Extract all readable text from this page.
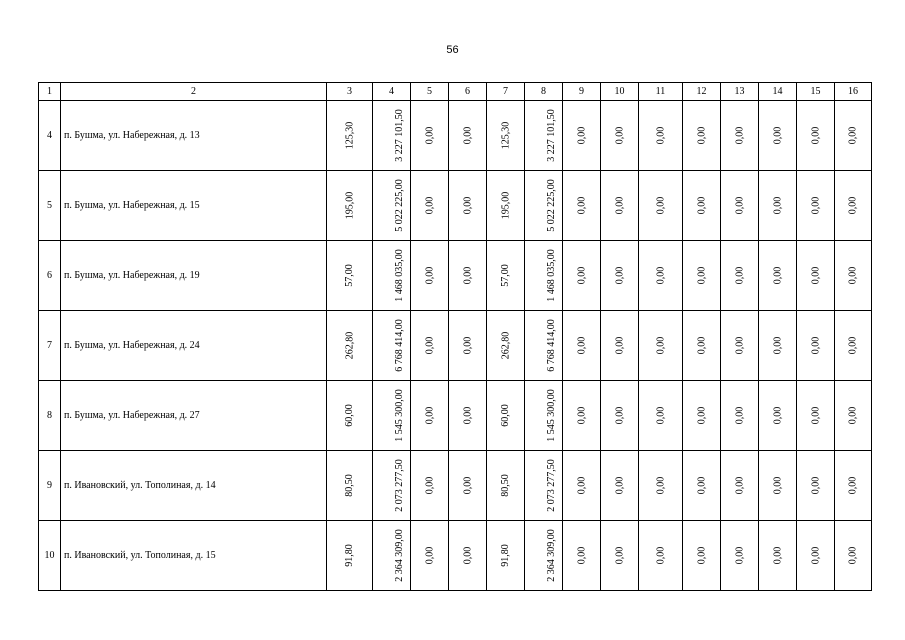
56
1	2	3	4	5	6	7	8	9	10	11	12	13	14	15	16
4	п. Бушма, ул. Набережная, д. 13	125,30	3 227 101,50	0,00	0,00	125,30	3 227 101,50	0,00	0,00	0,00	0,00	0,00	0,00	0,00	0,00
5	п. Бушма, ул. Набережная, д. 15	195,00	5 022 225,00	0,00	0,00	195,00	5 022 225,00	0,00	0,00	0,00	0,00	0,00	0,00	0,00	0,00
6	п. Бушма, ул. Набережная, д. 19	57,00	1 468 035,00	0,00	0,00	57,00	1 468 035,00	0,00	0,00	0,00	0,00	0,00	0,00	0,00	0,00
7	п. Бушма, ул. Набережная, д. 24	262,80	6 768 414,00	0,00	0,00	262,80	6 768 414,00	0,00	0,00	0,00	0,00	0,00	0,00	0,00	0,00
8	п. Бушма, ул. Набережная, д. 27	60,00	1 545 300,00	0,00	0,00	60,00	1 545 300,00	0,00	0,00	0,00	0,00	0,00	0,00	0,00	0,00
9	п. Ивановский, ул. Тополиная, д. 14	80,50	2 073 277,50	0,00	0,00	80,50	2 073 277,50	0,00	0,00	0,00	0,00	0,00	0,00	0,00	0,00
10	п. Ивановский, ул. Тополиная, д. 15	91,80	2 364 309,00	0,00	0,00	91,80	2 364 309,00	0,00	0,00	0,00	0,00	0,00	0,00	0,00	0,00
